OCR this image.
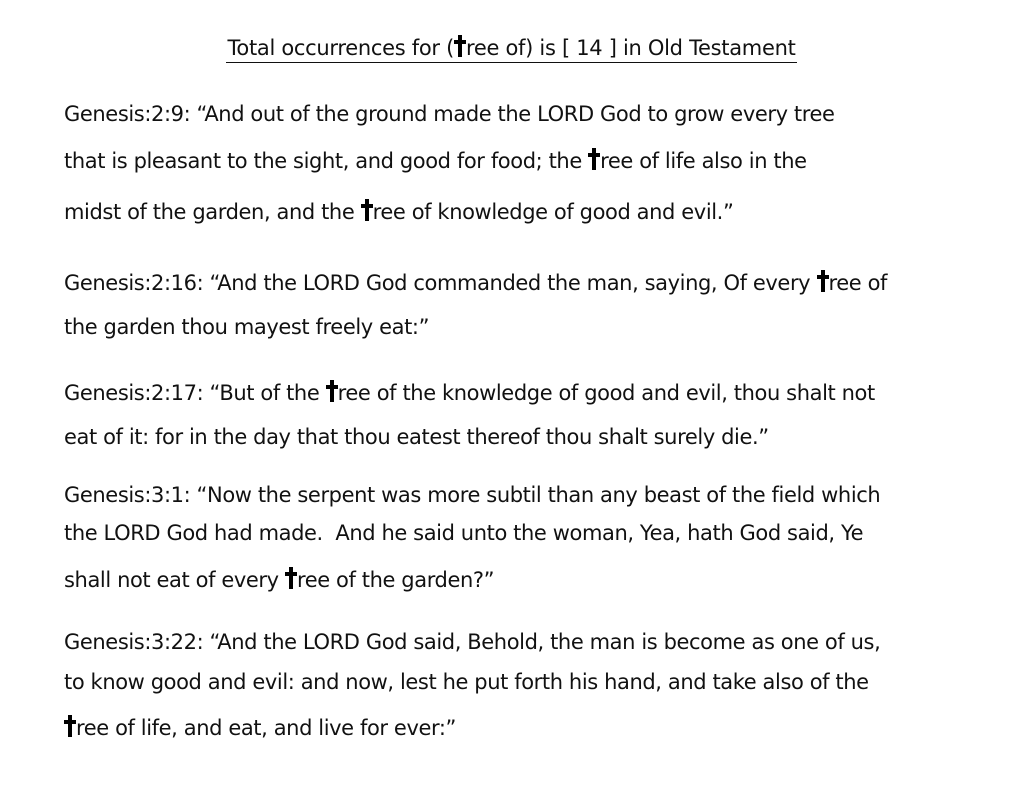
Total occurrences for ( ree of) is [ 14 ] in Old Testament
Genesis:2:9: “And out of the ground made the LORD God to grow every tree
that is pleasant to the sight, and good for food; the ree of life also in the
midst of the garden, and the ree of knowledge of good and evil.”
Genesis:2:16: “And the LORD God commanded the man, saying, Of every ree of
the garden thou mayest freely eat:”
Genesis:2:17: “But of the ree of the knowledge of good and evil, thou shalt not
eat of it: for in the day that thou eatest thereof thou shalt surely die.”
Genesis:3:1: “Now the serpent was more subtil than any beast of the field which
the LORD God had made.  And he said unto the woman, Yea, hath God said, Ye
shall not eat of every ree of the garden?”
Genesis:3:22: “And the LORD God said, Behold, the man is become as one of us,
to know good and evil: and now, lest he put forth his hand, and take also of the
ree of life, and eat, and live for ever:”
